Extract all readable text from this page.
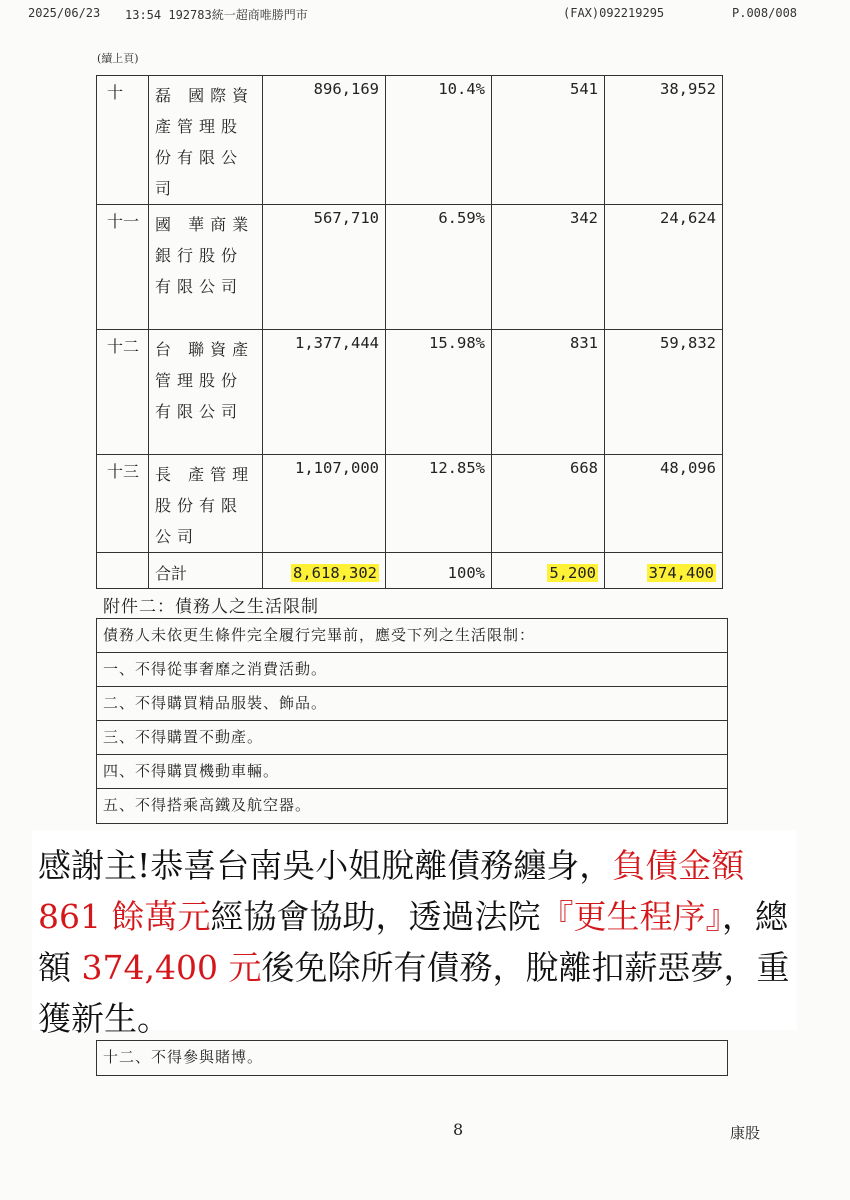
2025/06/23 13:54 192783統一超商唯勝門市	(FAX)092219295	P.008/008
(續上頁)
十	磊 國際資產管理股份有限公司	896,169	10.4%	541	38,952
十一	國 華商業銀行股份有限公司	567,710	6.59%	342	24,624
十二	台 聯資產管理股份有限公司	1,377,444	15.98%	831	59,832
十三	長 產管理股份有限公司	1,107,000	12.85%	668	48,096
	合計	8,618,302	100%	5,200	374,400
附件二：債務人之生活限制
債務人未依更生條件完全履行完畢前，應受下列之生活限制：
一、不得從事奢靡之消費活動。
二、不得購買精品服裝、飾品。
三、不得購置不動產。
四、不得購買機動車輛。
五、不得搭乘高鐵及航空器。
感謝主!恭喜台南吳小姐脫離債務纏身，負債金額 861 餘萬元經協會協助，透過法院『更生程序』，總額 374,400 元後免除所有債務，脫離扣薪惡夢，重獲新生。
十二、不得參與賭博。
8	康股
